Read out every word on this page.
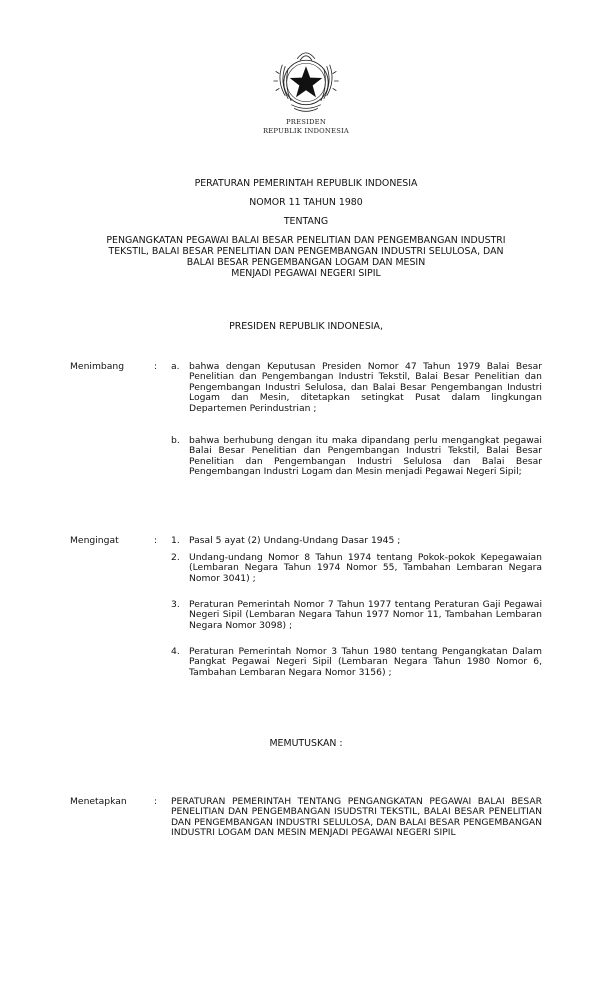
PRESIDEN
REPUBLIK INDONESIA
PERATURAN PEMERINTAH REPUBLIK INDONESIA
NOMOR 11 TAHUN 1980
TENTANG
PENGANGKATAN PEGAWAI BALAI BESAR PENELITIAN DAN PENGEMBANGAN INDUSTRI
TEKSTIL, BALAI BESAR PENELITIAN DAN PENGEMBANGAN INDUSTRI SELULOSA, DAN
BALAI BESAR PENGEMBANGAN LOGAM DAN MESIN
MENJADI PEGAWAI NEGERI SIPIL
PRESIDEN REPUBLIK INDONESIA,
Menimbang	:	a.	bahwa dengan Keputusan Presiden Nomor 47 Tahun 1979 Balai Besar Penelitian dan Pengembangan Industri Tekstil, Balai Besar Penelitian dan Pengembangan Industri Selulosa, dan Balai Besar Pengembangan Industri Logam dan Mesin, ditetapkan setingkat Pusat dalam lingkungan Departemen Perindustrian ;
b.	bahwa berhubung dengan itu maka dipandang perlu mengangkat pegawai Balai Besar Penelitian dan Pengembangan Industri Tekstil, Balai Besar Penelitian dan Pengembangan Industri Selulosa dan Balai Besar Pengembangan Industri Logam dan Mesin menjadi Pegawai Negeri Sipil;
Mengingat	:	1.	Pasal 5 ayat (2) Undang-Undang Dasar 1945 ;
2.	Undang-undang Nomor 8 Tahun 1974 tentang Pokok-pokok Kepegawaian (Lembaran Negara Tahun 1974 Nomor 55, Tambahan Lembaran Negara Nomor 3041) ;
3.	Peraturan Pemerintah Nomor 7 Tahun 1977 tentang Peraturan Gaji Pegawai Negeri Sipil (Lembaran Negara Tahun 1977 Nomor 11, Tambahan Lembaran Negara Nomor 3098) ;
4.	Peraturan Pemerintah Nomor 3 Tahun 1980 tentang Pengangkatan Dalam Pangkat Pegawai Negeri Sipil (Lembaran Negara Tahun 1980 Nomor 6, Tambahan Lembaran Negara Nomor 3156) ;
MEMUTUSKAN :
Menetapkan	:	PERATURAN PEMERINTAH TENTANG PENGANGKATAN PEGAWAI BALAI BESAR PENELITIAN DAN PENGEMBANGAN ISUDSTRI TEKSTIL, BALAI BESAR PENELITIAN DAN PENGEMBANGAN INDUSTRI SELULOSA, DAN BALAI BESAR PENGEMBANGAN INDUSTRI LOGAM DAN MESIN MENJADI PEGAWAI NEGERI SIPIL
